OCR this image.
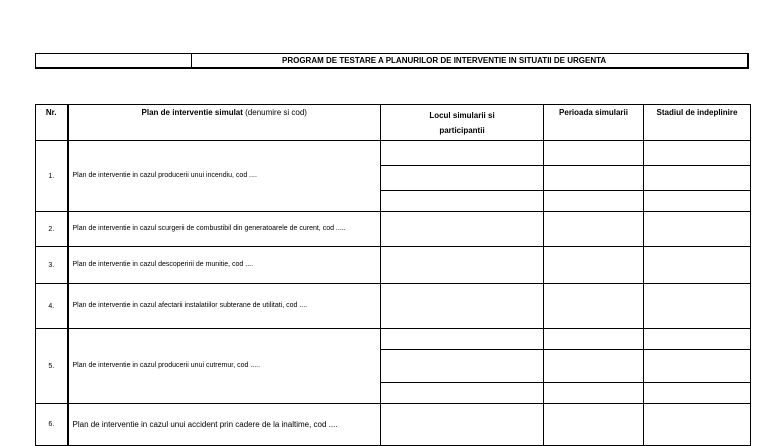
PROGRAM DE TESTARE A PLANURILOR DE INTERVENTIE IN SITUATII DE URGENTA
Nr.	Plan de interventie simulat (denumire si cod)	Locul simularii si
participantii	Perioada simularii	Stadiul de indeplinire
1.	Plan de interventie in cazul producerii unui incendiu, cod ....			

2.	Plan de interventie in cazul scurgerii de combustibil din generatoarele de curent, cod .....			
3.	Plan de interventie in cazul descoperirii de munitie, cod ....			
4.	Plan de interventie in cazul afectarii instalatiilor subterane de utilitati, cod ....			
5.	Plan de interventie in cazul producerii unui cutremur, cod .....			

6.	Plan de interventie in cazul unui accident prin cadere de la inaltime, cod ....			
